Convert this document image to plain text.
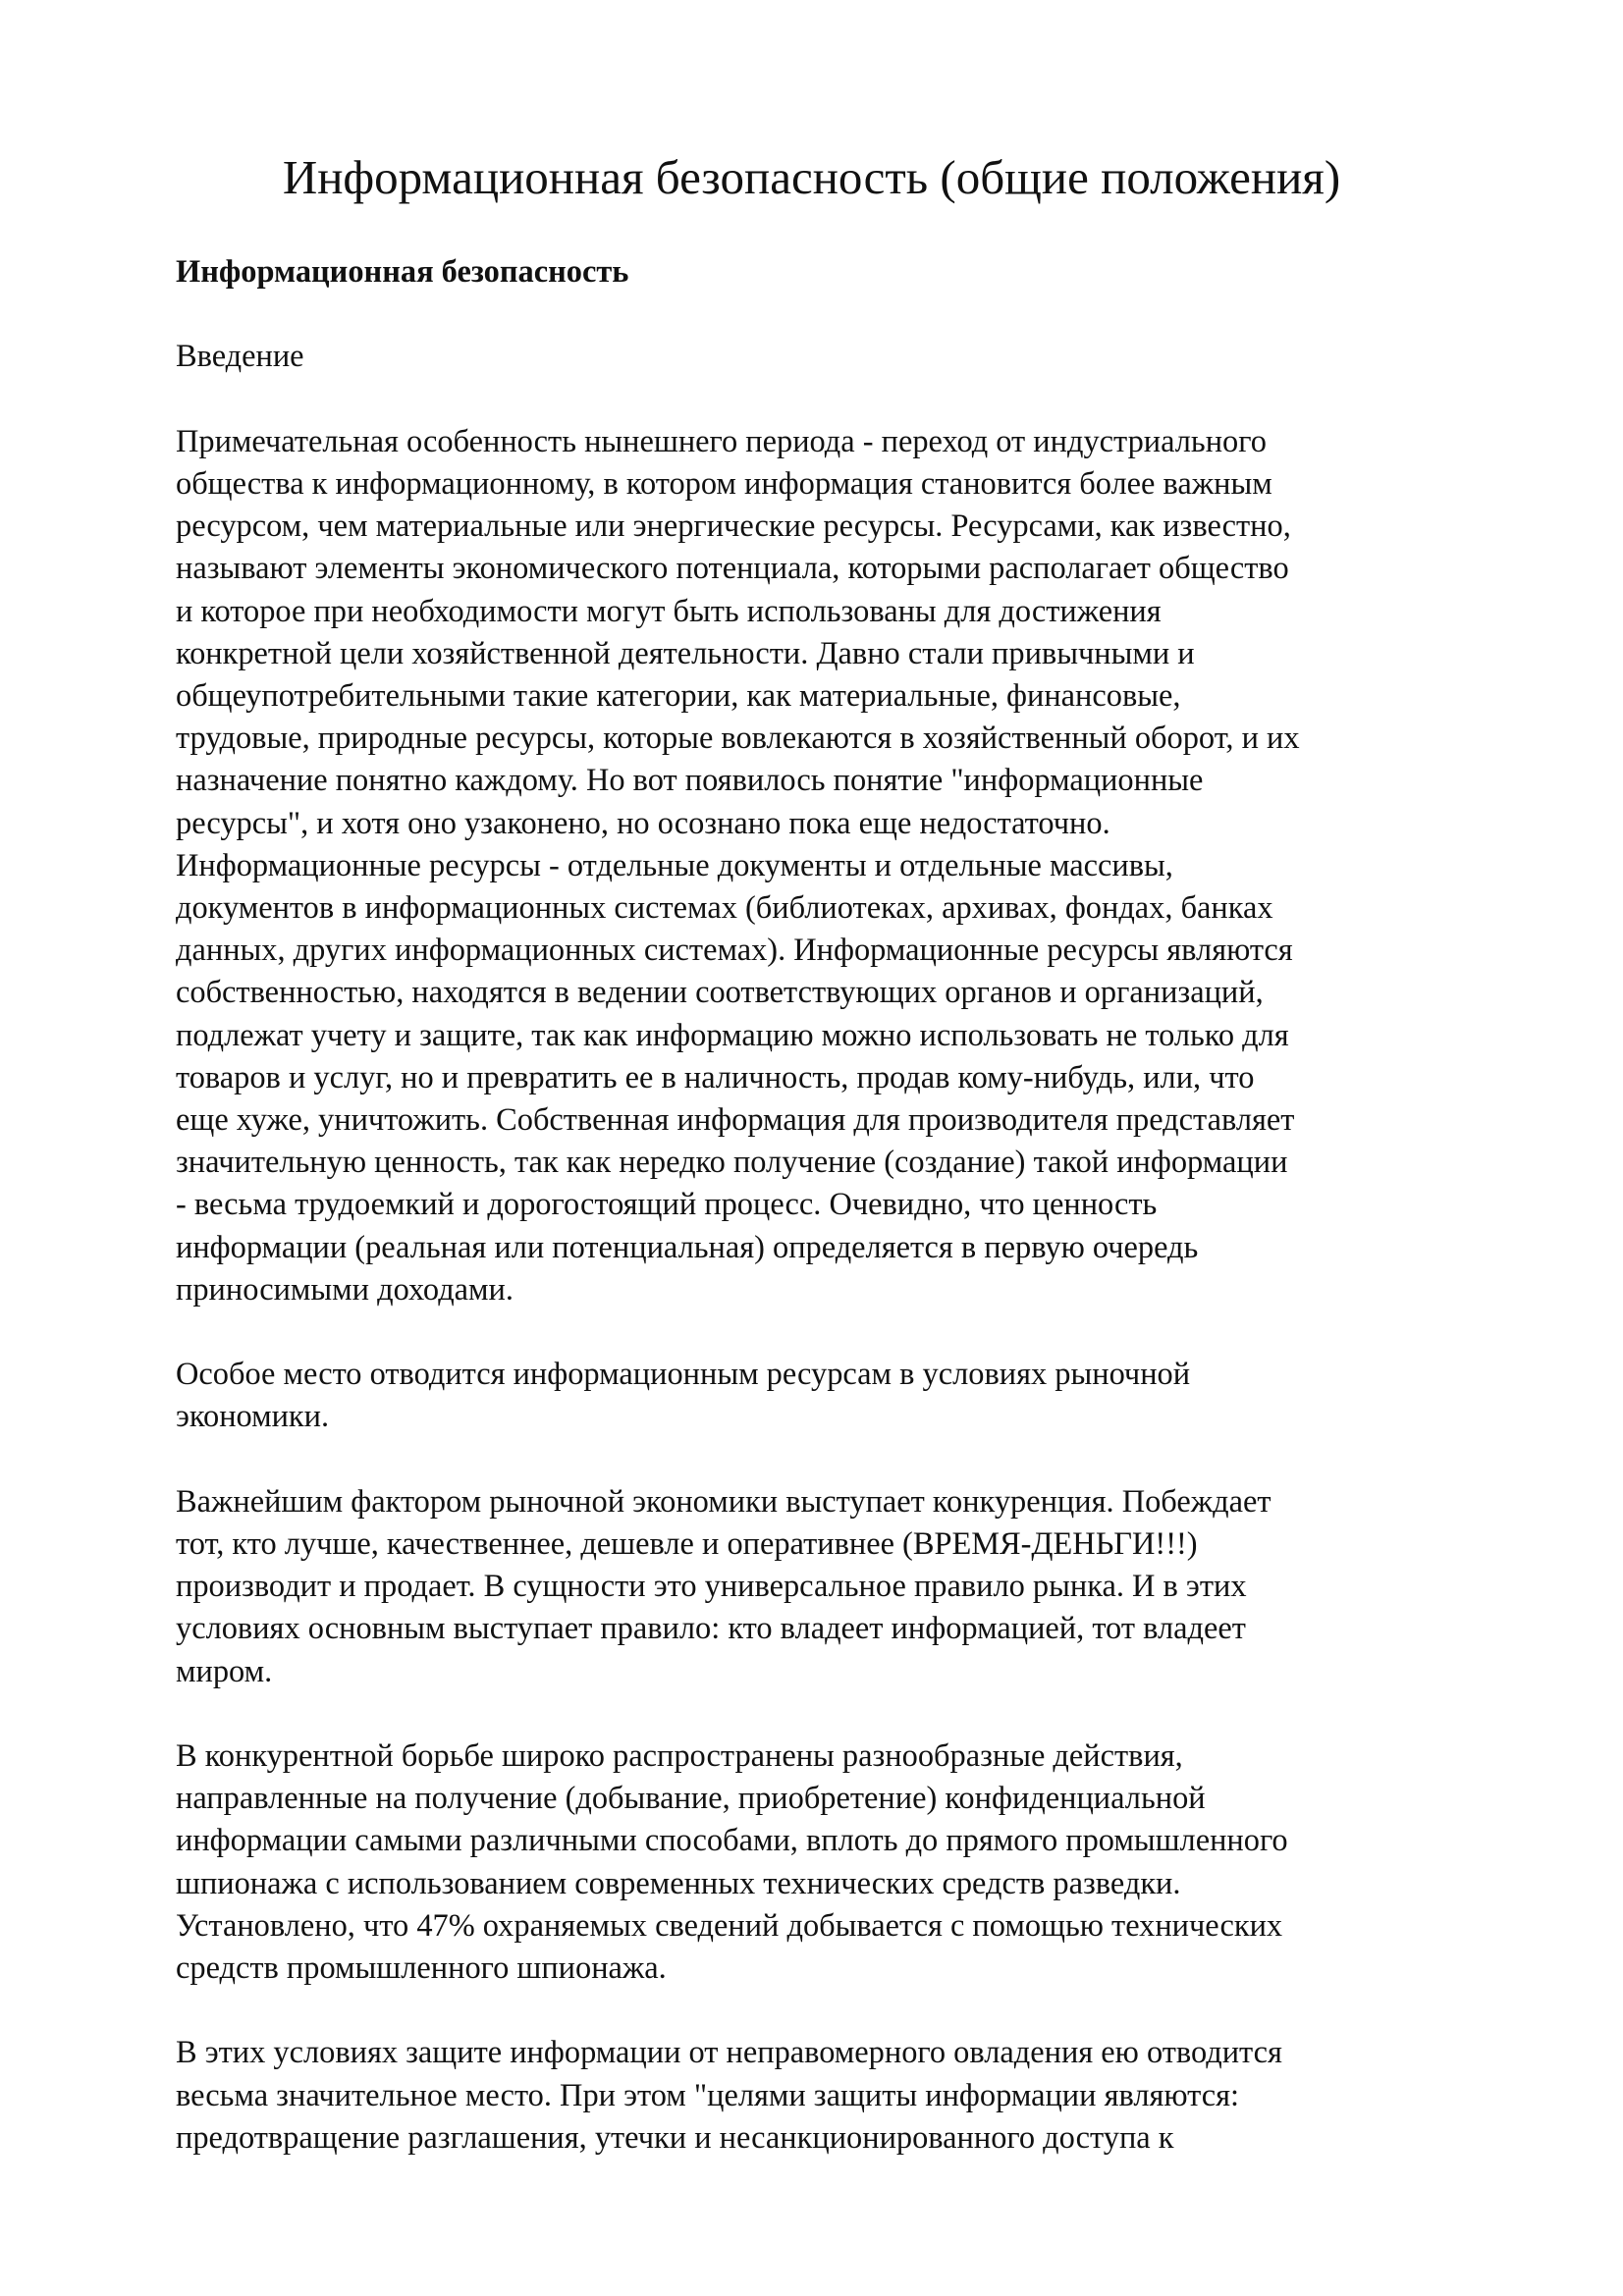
Информационная безопасность (общие положения)
Информационная безопасность

Введение

Примечательная особенность нынешнего периода - переход от индустриального
общества к информационному, в котором информация становится более важным
ресурсом, чем материальные или энергические ресурсы. Ресурсами, как известно,
называют элементы экономического потенциала, которыми располагает общество
и которое при необходимости могут быть использованы для достижения
конкретной цели хозяйственной деятельности. Давно стали привычными и
общеупотребительными такие категории, как материальные, финансовые,
трудовые, природные ресурсы, которые вовлекаются в хозяйственный оборот, и их
назначение понятно каждому. Но вот появилось понятие "информационные
ресурсы", и хотя оно узаконено, но осознано пока еще недостаточно.
Информационные ресурсы - отдельные документы и отдельные массивы,
документов в информационных системах (библиотеках, архивах, фондах, банках
данных, других информационных системах). Информационные ресурсы являются
собственностью, находятся в ведении соответствующих органов и организаций,
подлежат учету и защите, так как информацию можно использовать не только для
товаров и услуг, но и превратить ее в наличность, продав кому-нибудь, или, что
еще хуже, уничтожить. Собственная информация для производителя представляет
значительную ценность, так как нередко получение (создание) такой информации
- весьма трудоемкий и дорогостоящий процесс. Очевидно, что ценность
информации (реальная или потенциальная) определяется в первую очередь
приносимыми доходами.

Особое место отводится информационным ресурсам в условиях рыночной
экономики.

Важнейшим фактором рыночной экономики выступает конкуренция. Побеждает
тот, кто лучше, качественнее, дешевле и оперативнее (ВРЕМЯ-ДЕНЬГИ!!!)
производит и продает. В сущности это универсальное правило рынка. И в этих
условиях основным выступает правило: кто владеет информацией, тот владеет
миром.

В конкурентной борьбе широко распространены разнообразные действия,
направленные на получение (добывание, приобретение) конфиденциальной
информации самыми различными способами, вплоть до прямого промышленного
шпионажа с использованием современных технических средств разведки.
Установлено, что 47% охраняемых сведений добывается с помощью технических
средств промышленного шпионажа.

В этих условиях защите информации от неправомерного овладения ею отводится
весьма значительное место. При этом "целями защиты информации являются:
предотвращение разглашения, утечки и несанкционированного доступа к
